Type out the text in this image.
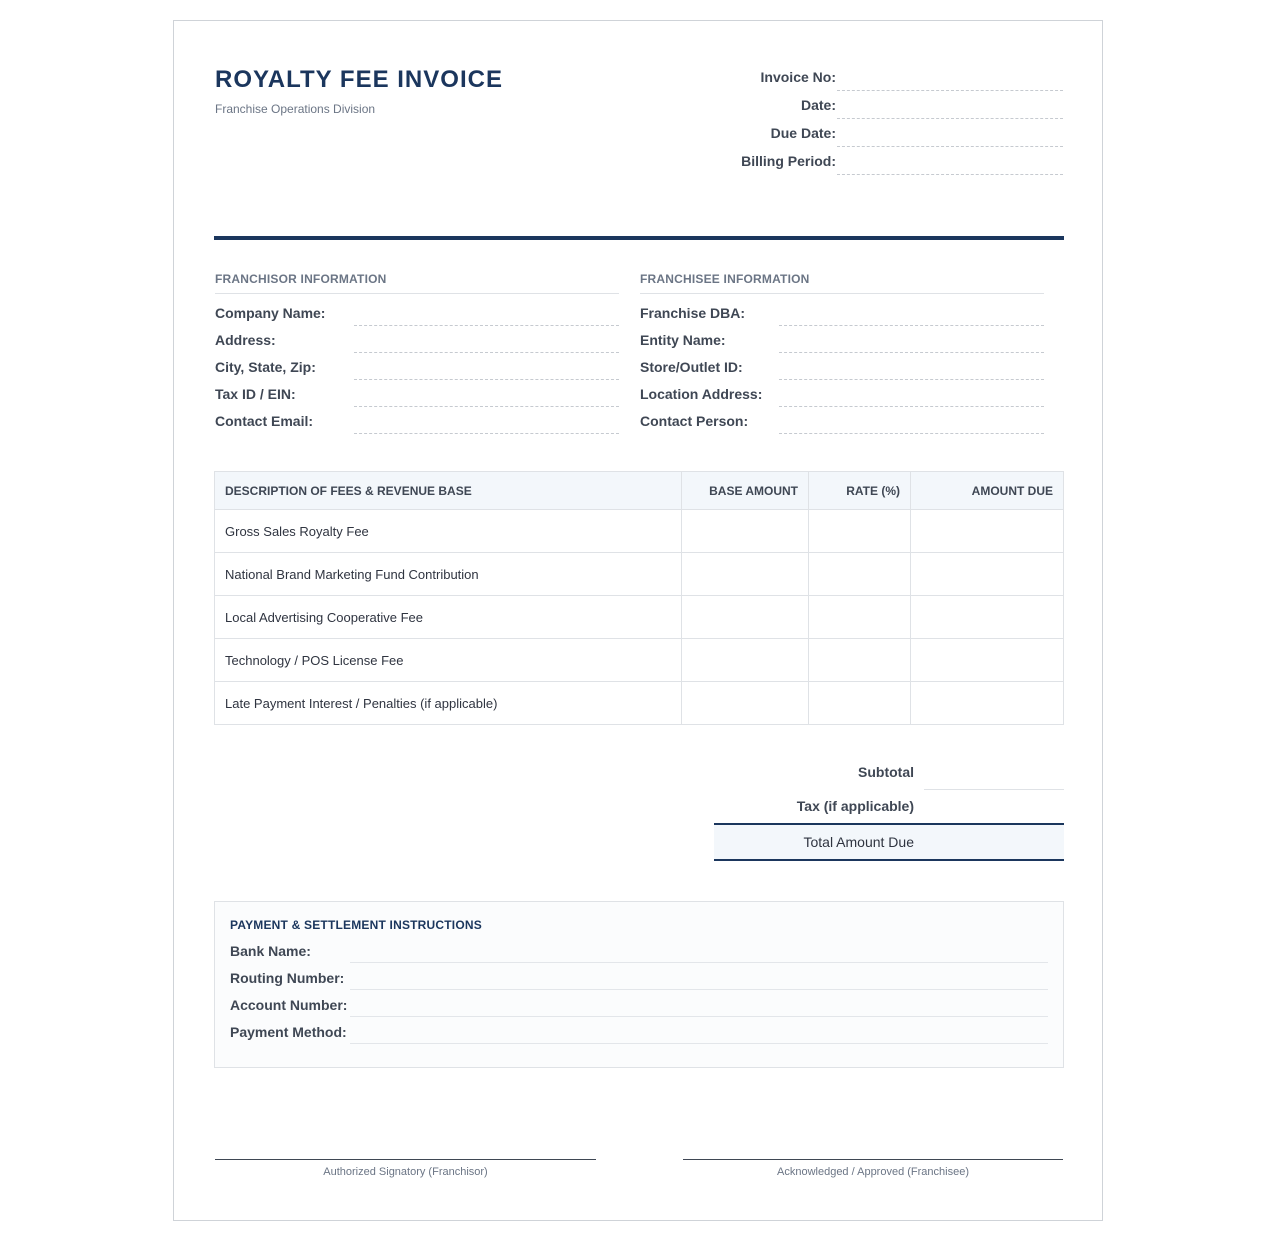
ROYALTY FEE INVOICE
Franchise Operations Division
Invoice No:
Date:
Due Date:
Billing Period:
FRANCHISOR INFORMATION
Company Name:
Address:
City, State, Zip:
Tax ID / EIN:
Contact Email:
FRANCHISEE INFORMATION
Franchise DBA:
Entity Name:
Store/Outlet ID:
Location Address:
Contact Person:
DESCRIPTION OF FEES & REVENUE BASE	BASE AMOUNT	RATE (%)	AMOUNT DUE
Gross Sales Royalty Fee			
National Brand Marketing Fund Contribution			
Local Advertising Cooperative Fee			
Technology / POS License Fee			
Late Payment Interest / Penalties (if applicable)			
Subtotal
Tax (if applicable)
Total Amount Due
PAYMENT & SETTLEMENT INSTRUCTIONS
Bank Name:
Routing Number:
Account Number:
Payment Method:
Authorized Signatory (Franchisor)	Acknowledged / Approved (Franchisee)
